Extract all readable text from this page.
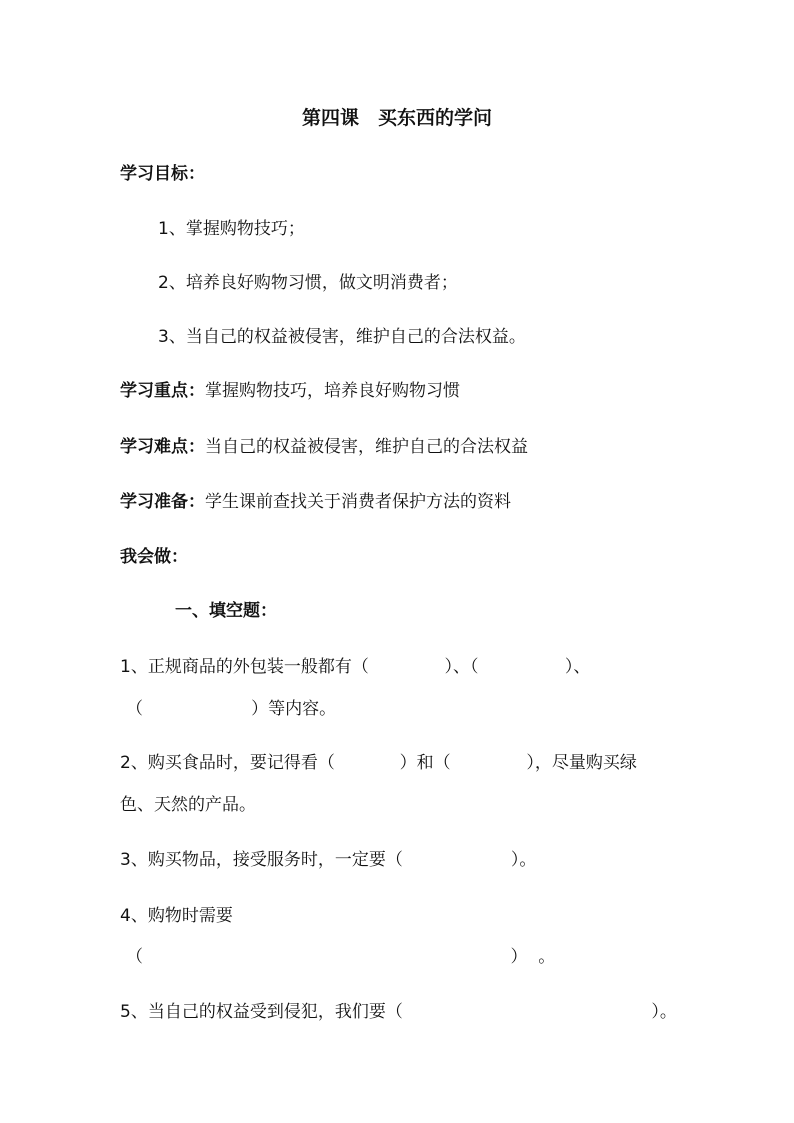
第四课　买东西的学问
学习目标：
1、掌握购物技巧；
2、培养良好购物习惯，做文明消费者；
3、当自己的权益被侵害，维护自己的合法权益。
学习重点：掌握购物技巧，培养良好购物习惯
学习难点：当自己的权益被侵害，维护自己的合法权益
学习准备：学生课前查找关于消费者保护方法的资料
我会做：
一、填空题：
1、正规商品的外包装一般都有（              ）、（                ）、
（                    ）等内容。
2、购买食品时，要记得看（            ）和（              ），尽量购买绿
色、天然的产品。
3、购买物品，接受服务时，一定要（                    ）。
4、购物时需要
（                                                                    ）  。
5、当自己的权益受到侵犯，我们要（                                              ）。
